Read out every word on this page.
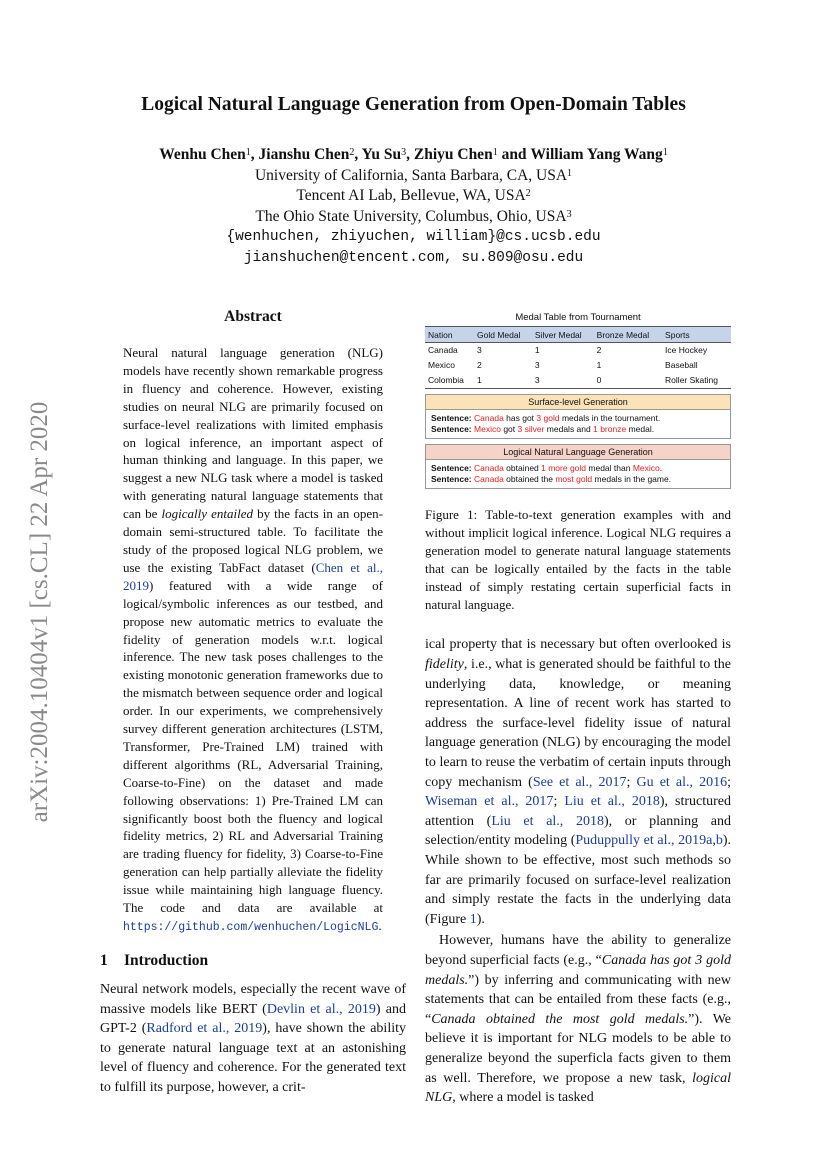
arXiv:2004.10404v1 [cs.CL] 22 Apr 2020
Logical Natural Language Generation from Open-Domain Tables
Wenhu Chen$^1$, Jianshu Chen$^2$, Yu Su$^3$, Zhiyu Chen$^1$ and William Yang Wang$^1$
University of California, Santa Barbara, CA, USA$^1$
Tencent AI Lab, Bellevue, WA, USA$^2$
The Ohio State University, Columbus, Ohio, USA$^3$
{wenhuchen, zhiyuchen, william}@cs.ucsb.edu
jianshuchen@tencent.com, su.809@osu.edu
Abstract

Neural natural language generation (NLG) models have recently shown remarkable progress in fluency and coherence. However, existing studies on neural NLG are primarily focused on surface-level realizations with limited emphasis on logical inference, an important aspect of human thinking and language. In this paper, we suggest a new NLG task where a model is tasked with generating natural language statements that can be logically entailed by the facts in an open-domain semi-structured table. To facilitate the study of the proposed logical NLG problem, we use the existing TabFact dataset (Chen et al., 2019) featured with a wide range of logical/symbolic inferences as our testbed, and propose new automatic metrics to evaluate the fidelity of generation models w.r.t. logical inference. The new task poses challenges to the existing monotonic generation frameworks due to the mismatch between sequence order and logical order. In our experiments, we comprehensively survey different generation architectures (LSTM, Transformer, Pre-Trained LM) trained with different algorithms (RL, Adversarial Training, Coarse-to-Fine) on the dataset and made following observations: 1) Pre-Trained LM can significantly boost both the fluency and logical fidelity metrics, 2) RL and Adversarial Training are trading fluency for fidelity, 3) Coarse-to-Fine generation can help partially alleviate the fidelity issue while maintaining high language fluency. The code and data are available at https://github.com/wenhuchen/LogicNLG.

1 Introduction

Neural network models, especially the recent wave of massive models like BERT (Devlin et al., 2019) and GPT-2 (Radford et al., 2019), have shown the ability to generate natural language text at an astonishing level of fluency and coherence. For the generated text to fulfill its purpose, however, a crit-

Medal Table from Tournament
Nation	Gold Medal	Silver Medal	Bronze Medal	Sports
Canada	3	1	2	Ice Hockey
Mexico	2	3	1	Baseball
Colombia	1	3	0	Roller Skating
Surface-level Generation
Sentence: Canada has got 3 gold medals in the tournament.
Sentence: Mexico got 3 silver medals and 1 bronze medal.
Logical Natural Language Generation
Sentence: Canada obtained 1 more gold medal than Mexico.
Sentence: Canada obtained the most gold medals in the game.

Figure 1: Table-to-text generation examples with and without implicit logical inference. Logical NLG requires a generation model to generate natural language statements that can be logically entailed by the facts in the table instead of simply restating certain superficial facts in natural language.

ical property that is necessary but often overlooked is fidelity, i.e., what is generated should be faithful to the underlying data, knowledge, or meaning representation. A line of recent work has started to address the surface-level fidelity issue of natural language generation (NLG) by encouraging the model to learn to reuse the verbatim of certain inputs through copy mechanism (See et al., 2017; Gu et al., 2016; Wiseman et al., 2017; Liu et al., 2018), structured attention (Liu et al., 2018), or planning and selection/entity modeling (Puduppully et al., 2019a,b). While shown to be effective, most such methods so far are primarily focused on surface-level realization and simply restate the facts in the underlying data (Figure 1).

However, humans have the ability to generalize beyond superficial facts (e.g., “Canada has got 3 gold medals.”) by inferring and communicating with new statements that can be entailed from these facts (e.g., “Canada obtained the most gold medals.”). We believe it is important for NLG models to be able to generalize beyond the superficla facts given to them as well. Therefore, we propose a new task, logical NLG, where a model is tasked
